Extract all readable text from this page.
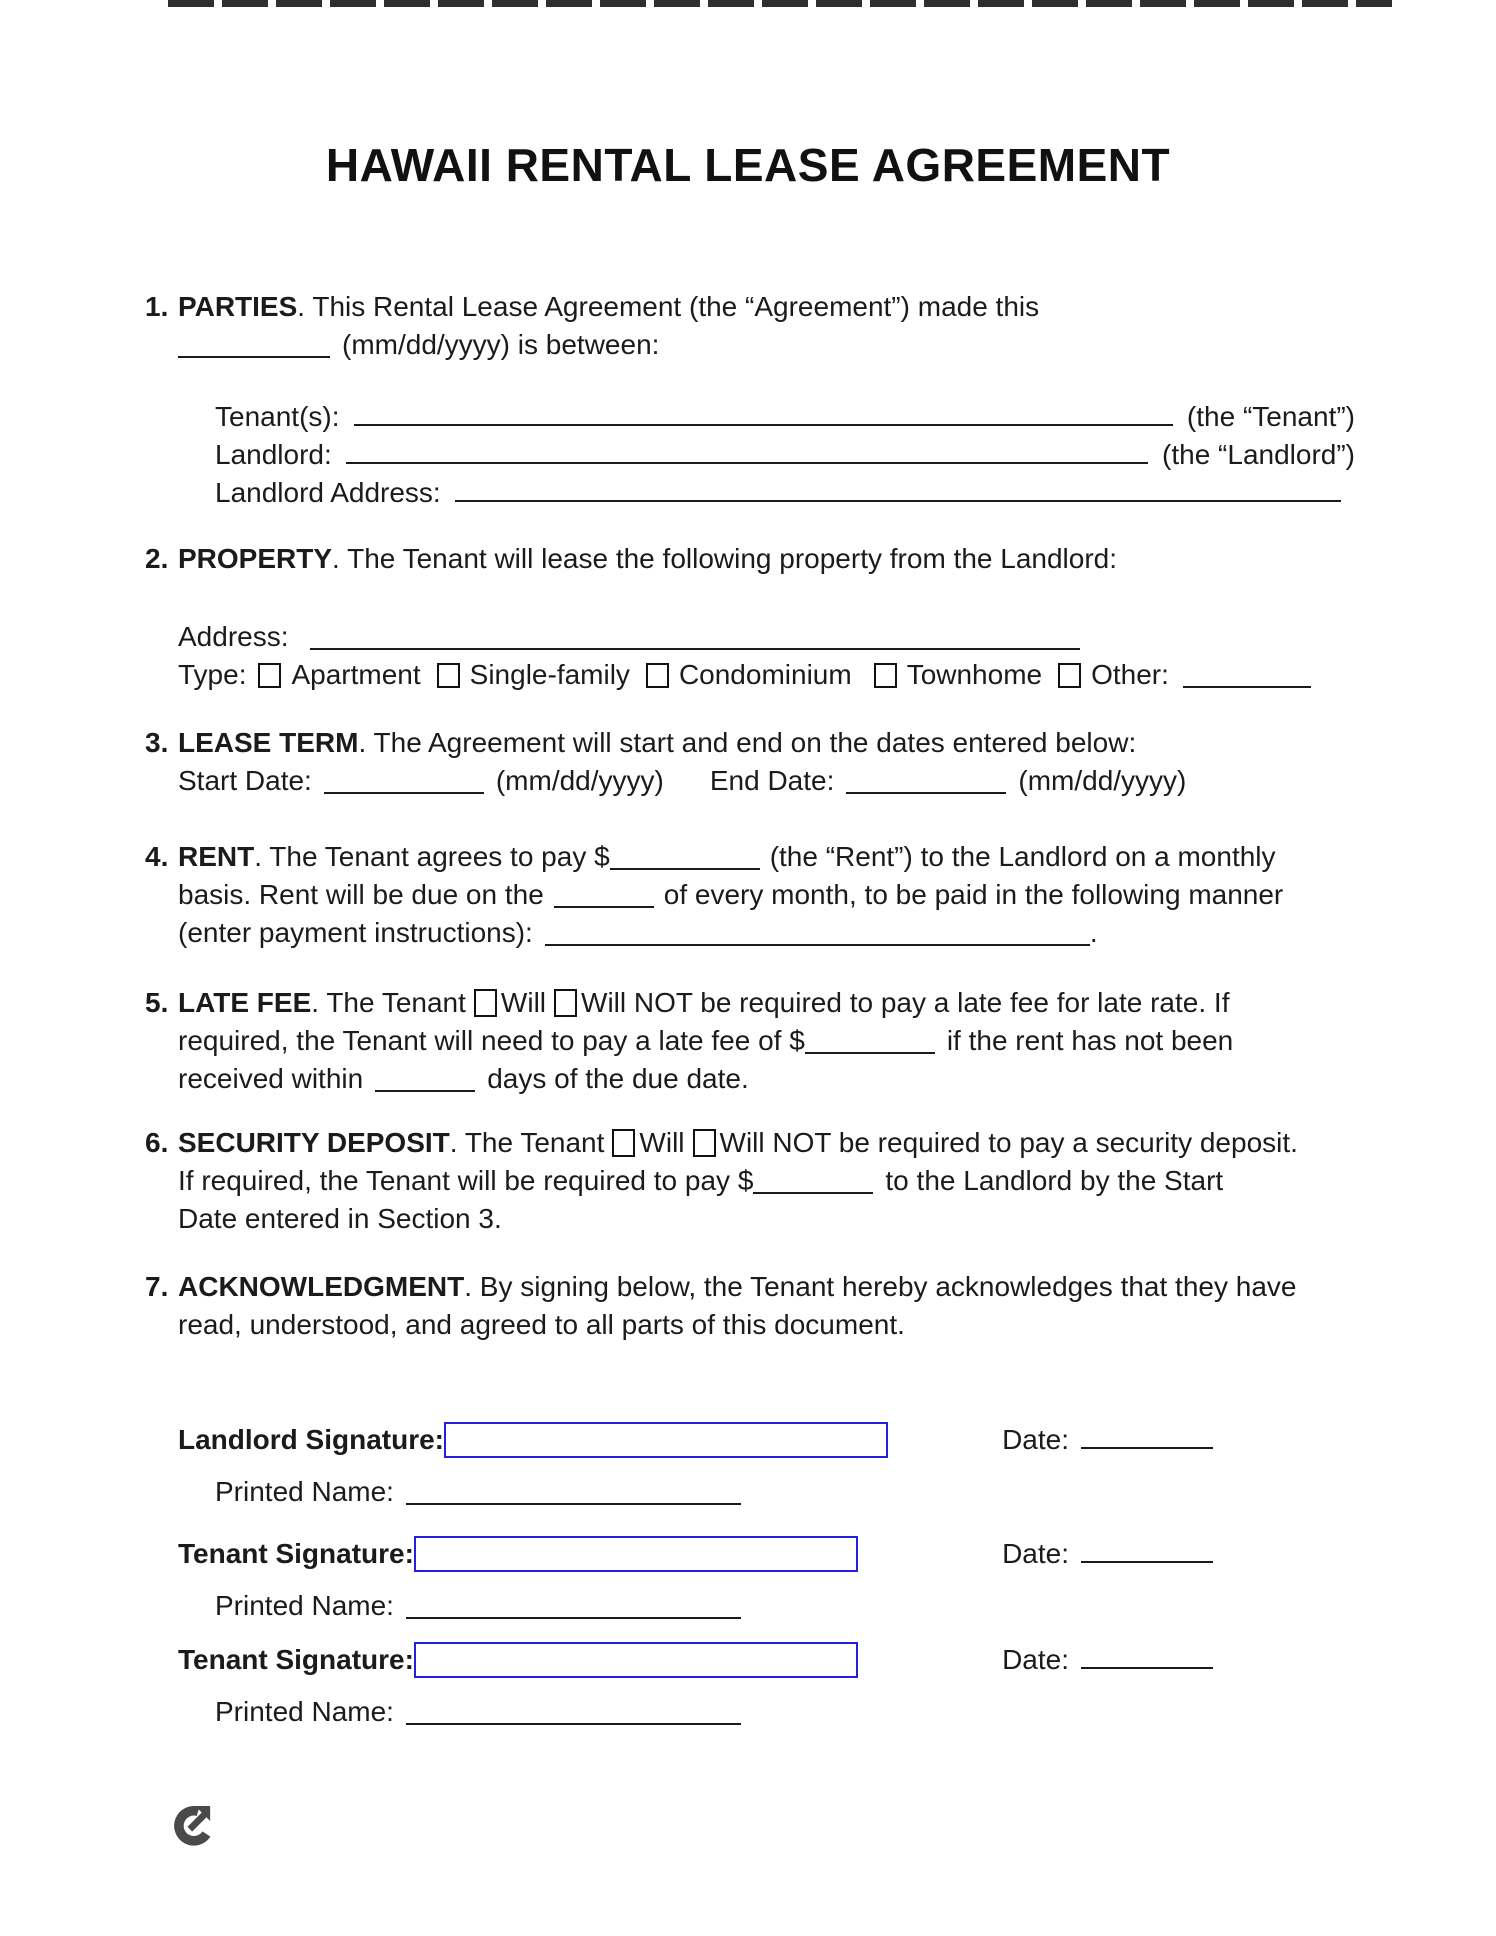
HAWAII RENTAL LEASE AGREEMENT
1. PARTIES. This Rental Lease Agreement (the “Agreement”) made this
(mm/dd/yyyy) is between:
Tenant(s):	(the “Tenant”)
Landlord:	(the “Landlord”)
Landlord Address:
2. PROPERTY. The Tenant will lease the following property from the Landlord:
Address:
Type: Apartment Single-family Condominium Townhome Other:
3. LEASE TERM. The Agreement will start and end on the dates entered below:
Start Date:	(mm/dd/yyyy) End Date:	(mm/dd/yyyy)
4. RENT. The Tenant agrees to pay $	(the “Rent”) to the Landlord on a monthly
basis. Rent will be due on the	of every month, to be paid in the following manner
(enter payment instructions):	.
5. LATE FEE. The Tenant Will Will NOT be required to pay a late fee for late rate. If
required, the Tenant will need to pay a late fee of $	if the rent has not been
received within	days of the due date.
6. SECURITY DEPOSIT. The Tenant Will Will NOT be required to pay a security deposit.
If required, the Tenant will be required to pay $	to the Landlord by the Start
Date entered in Section 3.
7. ACKNOWLEDGMENT. By signing below, the Tenant hereby acknowledges that they have
read, understood, and agreed to all parts of this document.
Landlord Signature:	Date:
Printed Name:
Tenant Signature:	Date:
Printed Name:
Tenant Signature:	Date:
Printed Name:
